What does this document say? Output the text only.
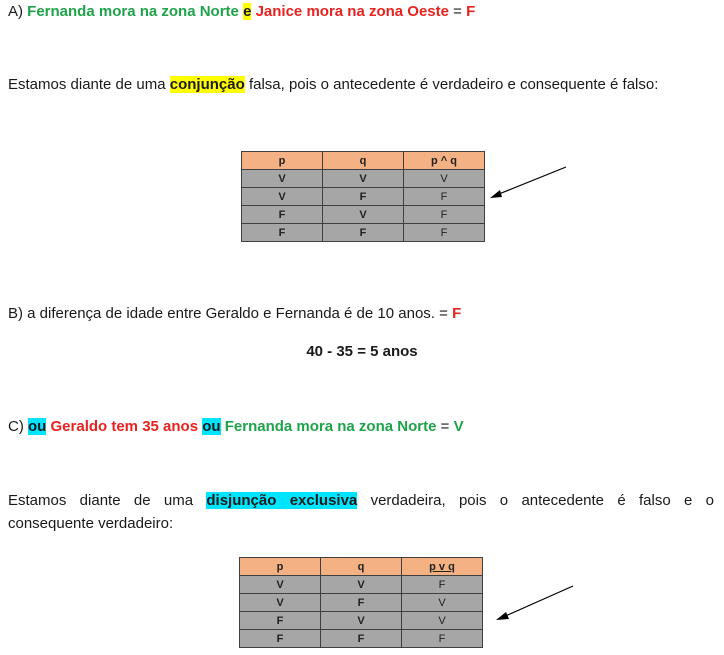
A) Fernanda mora na zona Norte e Janice mora na zona Oeste = F
Estamos diante de uma conjunção falsa, pois o antecedente é verdadeiro e consequente é falso:
p	q	p ^ q
V	V	V
V	F	F
F	V	F
F	F	F
B) a diferença de idade entre Geraldo e Fernanda é de 10 anos. = F
40 - 35 = 5 anos
C) ou Geraldo tem 35 anos ou Fernanda mora na zona Norte = V
Estamos diante de uma disjunção exclusiva verdadeira, pois o antecedente é falso e o
consequente verdadeiro:
p	q	p v q
V	V	F
V	F	V
F	V	V
F	F	F
